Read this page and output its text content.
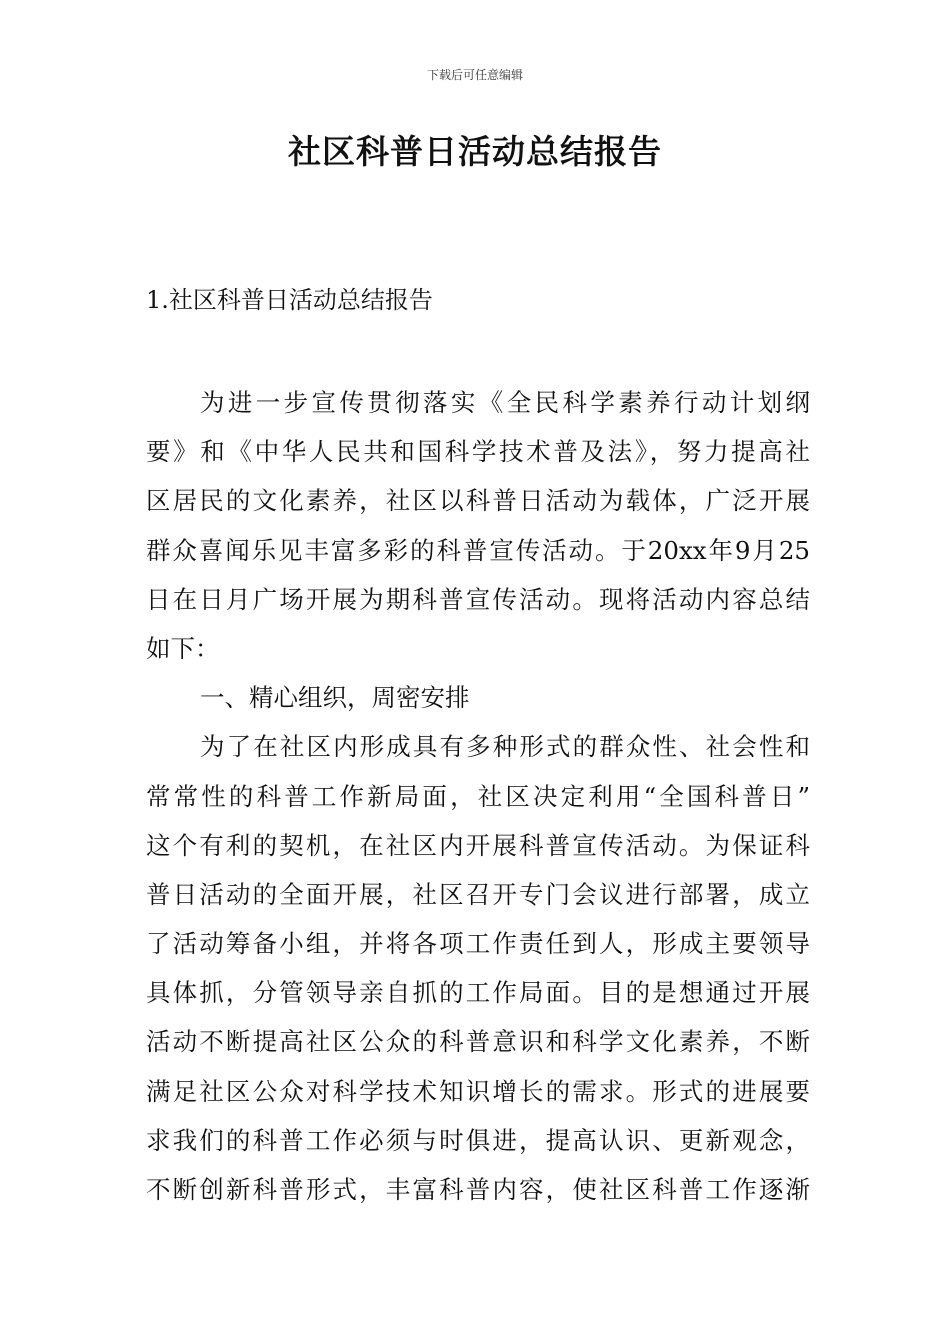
下载后可任意编辑
社区科普日活动总结报告
1.社区科普日活动总结报告
为进一步宣传贯彻落实《全民科学素养行动计划纲
要》和《中华人民共和国科学技术普及法》，努力提高社
区居民的文化素养，社区以科普日活动为载体，广泛开展
群众喜闻乐见丰富多彩的科普宣传活动。于20xx年9月25
日在日月广场开展为期科普宣传活动。现将活动内容总结
如下：
一、精心组织，周密安排
为了在社区内形成具有多种形式的群众性、社会性和
常常性的科普工作新局面，社区决定利用“全国科普日”
这个有利的契机，在社区内开展科普宣传活动。为保证科
普日活动的全面开展，社区召开专门会议进行部署，成立
了活动筹备小组，并将各项工作责任到人，形成主要领导
具体抓，分管领导亲自抓的工作局面。目的是想通过开展
活动不断提高社区公众的科普意识和科学文化素养，不断
满足社区公众对科学技术知识增长的需求。形式的进展要
求我们的科普工作必须与时俱进，提高认识、更新观念，
不断创新科普形式，丰富科普内容，使社区科普工作逐渐
